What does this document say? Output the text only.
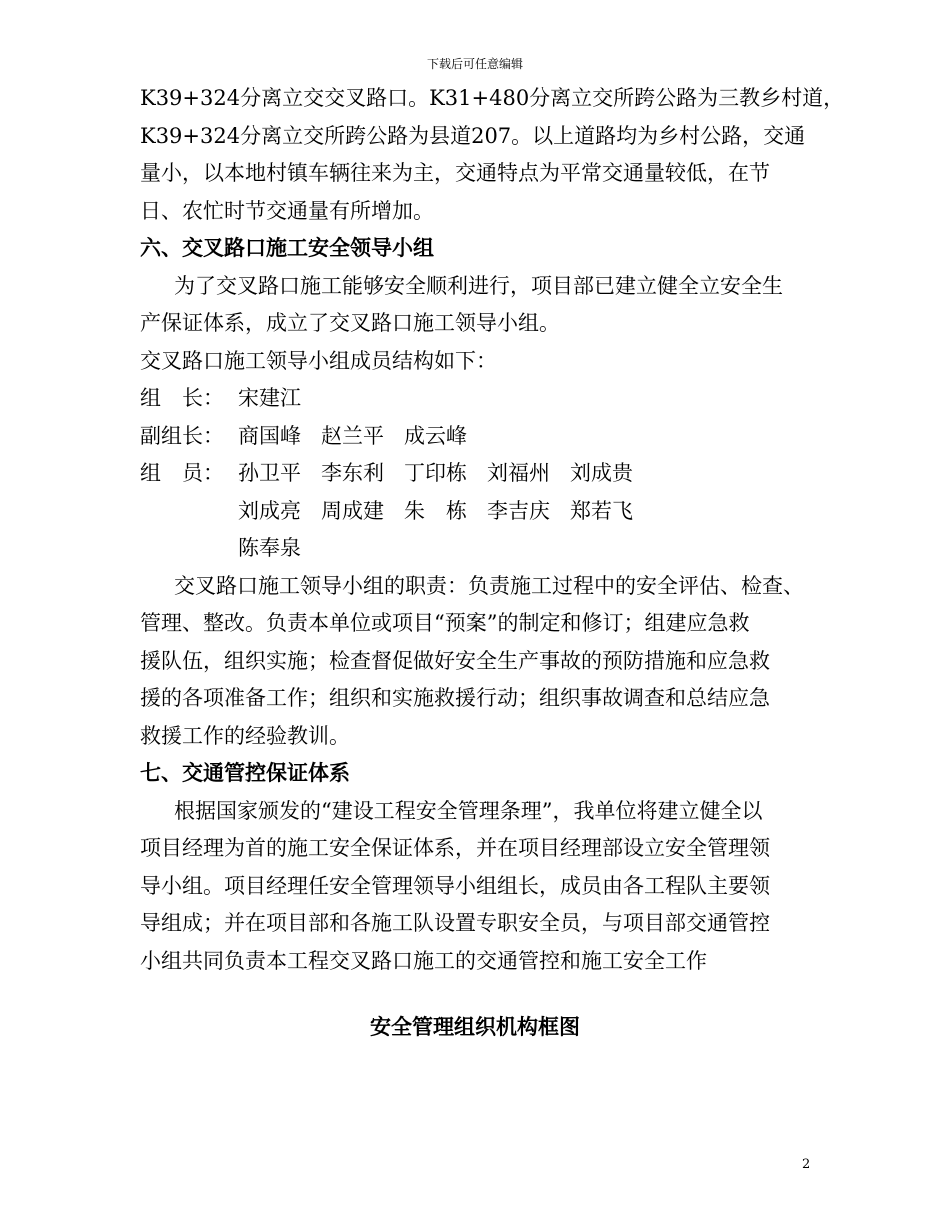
下载后可任意编辑
K39+324分离立交交叉路口。K31+480分离立交所跨公路为三教乡村道，
K39+324分离立交所跨公路为县道207。以上道路均为乡村公路，交通
量小，以本地村镇车辆往来为主，交通特点为平常交通量较低，在节
日、农忙时节交通量有所增加。
六、交叉路口施工安全领导小组
为了交叉路口施工能够安全顺利进行，项目部已建立健全立安全生
产保证体系，成立了交叉路口施工领导小组。
交叉路口施工领导小组成员结构如下：
组　长： 宋建江
副组长： 商国峰 赵兰平 成云峰
组　员： 孙卫平 李东利 丁印栋 刘福州 刘成贵
刘成亮 周成建 朱　栋 李吉庆 郑若飞
陈奉泉
交叉路口施工领导小组的职责：负责施工过程中的安全评估、检查、
管理、整改。负责本单位或项目“预案”的制定和修订；组建应急救
援队伍，组织实施；检查督促做好安全生产事故的预防措施和应急救
援的各项准备工作；组织和实施救援行动；组织事故调查和总结应急
救援工作的经验教训。
七、交通管控保证体系
根据国家颁发的“建设工程安全管理条理”，我单位将建立健全以
项目经理为首的施工安全保证体系，并在项目经理部设立安全管理领
导小组。项目经理任安全管理领导小组组长，成员由各工程队主要领
导组成；并在项目部和各施工队设置专职安全员，与项目部交通管控
小组共同负责本工程交叉路口施工的交通管控和施工安全工作
安全管理组织机构框图
2
